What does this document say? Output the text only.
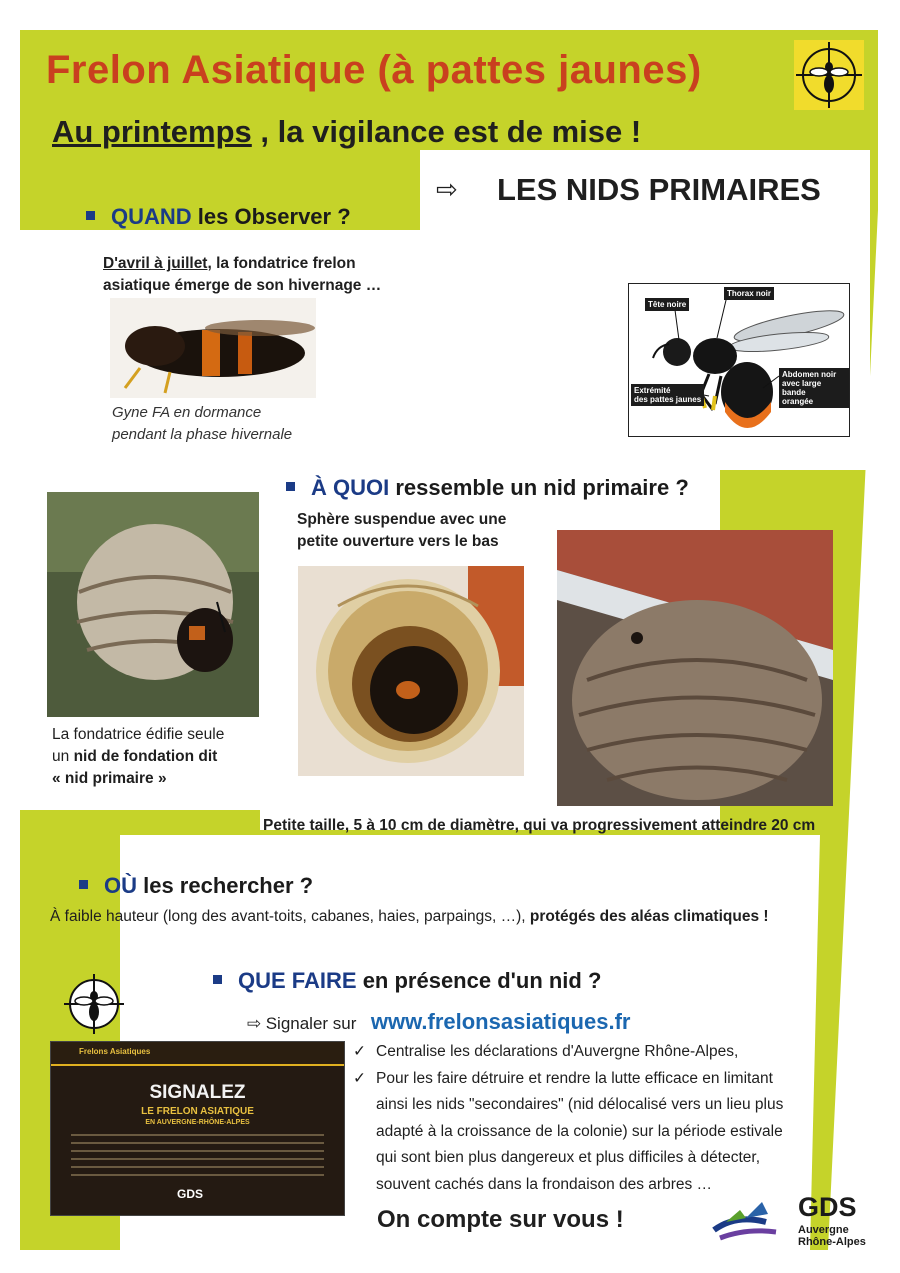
Frelon Asiatique (à pattes jaunes)
Au printemps , la vigilance est de mise !
⇨ LES NIDS PRIMAIRES
QUAND les Observer ?
D'avril à juillet, la fondatrice frelon
asiatique émerge de son hivernage …
Gyne FA en dormance
pendant la phase hivernale
Tête noire
Thorax noir
Extrémité
des pattes jaunes
Abdomen noir
avec large bande
orangée
À QUOI ressemble un nid primaire ?
Sphère suspendue avec une
petite ouverture vers le bas
La fondatrice édifie seule
un nid de fondation dit
« nid primaire »
Petite taille, 5 à 10 cm de diamètre, qui va progressivement atteindre 20 cm
OÙ les rechercher ?
À faible hauteur (long des avant-toits, cabanes, haies, parpaings, …), protégés des aléas climatiques !
QUE FAIRE en présence d'un nid ?
⇨ Signaler sur www.frelonsasiatiques.fr
Frelons Asiatiques
SIGNALEZ
LE FRELON ASIATIQUE
EN AUVERGNE-RHÔNE-ALPES
GDS
✓ Centralise les déclarations d'Auvergne Rhône-Alpes,
✓ Pour les faire détruire et rendre la lutte efficace en limitant
ainsi les nids "secondaires" (nid délocalisé vers un lieu plus
adapté à la croissance de la colonie) sur la période estivale
qui sont bien plus dangereux et plus difficiles à détecter,
souvent cachés dans la frondaison des arbres …
On compte sur vous !	GDS
Auvergne
Rhône-Alpes
